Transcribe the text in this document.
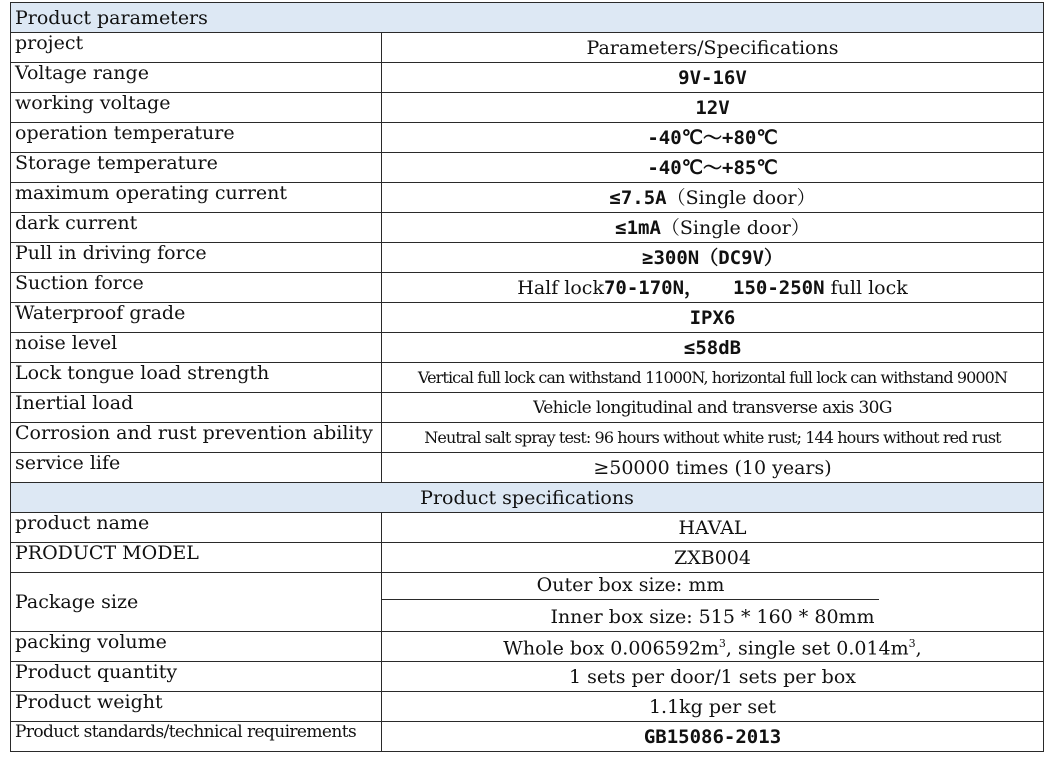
Product parameters	
project	Parameters/Specifications
Voltage range	9V-16V
working voltage	12V
operation temperature	-40℃～+80℃
Storage temperature	-40℃～+85℃
maximum operating current	≤7.5A（Single door）
dark current	≤1mA（Single door）
Pull in driving force	≥300N（DC9V）
Suction force	Half lock70-170N， 150-250N full lock
Waterproof grade	IPX6
noise level	≤58dB
Lock tongue load strength	Vertical full lock can withstand 11000N, horizontal full lock can withstand 9000N
Inertial load	Vehicle longitudinal and transverse axis 30G
Corrosion and rust prevention ability	Neutral salt spray test: 96 hours without white rust; 144 hours without red rust
service life	≥50000 times (10 years)
Product specifications	
product name	HAVAL
PRODUCT MODEL	ZXB004
Package size	Outer box size: mm

	Inner box size: 515 * 160 * 80mm
packing volume	Whole box $0.006592m^3$, single set $0.014m^3$,
Product quantity	1 sets per door/1 sets per box
Product weight	1.1kg per set
Product standards/technical requirements	GB15086-2013
